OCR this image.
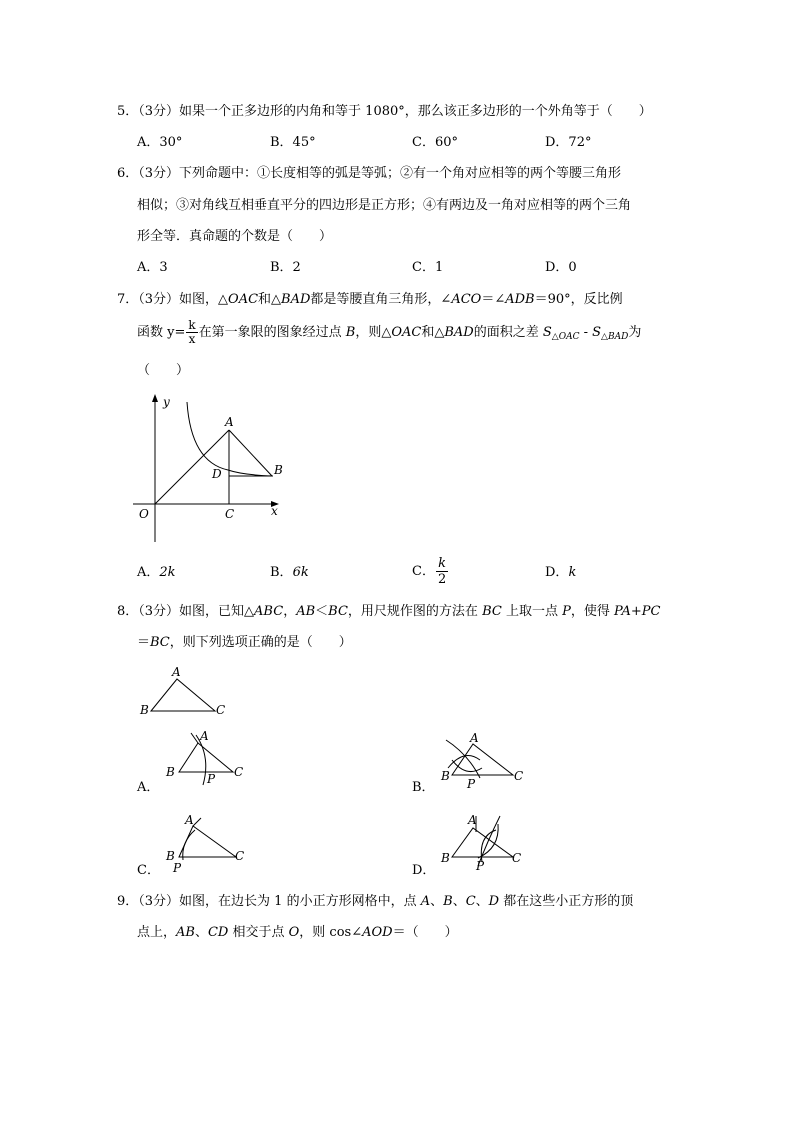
5．（3分）如果一个正多边形的内角和等于 1080°，那么该正多边形的一个外角等于（　　）
A．30°	B．45°	C．60°	D．72°
6．（3分）下列命题中：①长度相等的弧是等弧；②有一个角对应相等的两个等腰三角形
相似；③对角线互相垂直平分的四边形是正方形；④有两边及一角对应相等的两个三角
形全等．真命题的个数是（　　）
A．3	B．2	C．1	D．0
7．（3分）如图，△OAC和△BAD都是等腰直角三角形，∠ACO＝∠ADB＝90°，反比例
函数 $y= \frac{k}{x}$ 在第一象限的图象经过点 B，则△OAC和△BAD的面积之差 $S_{\triangle OAC} - S_{\triangle BAD}$为
（　　）
y
x
O
A
B
C
D
A．2k	B．6k	C． $\frac{k}{2}$	D．k
8．（3分）如图，已知△ABC，AB＜BC，用尺规作图的方法在 BC 上取一点 P，使得 PA+PC
＝BC，则下列选项正确的是（　　）
A
B	C
A
B	C
P
A．
A
B	C
P
B．
A
B	C
P
C．
A
B	C
P
D．
9．（3分）如图，在边长为 1 的小正方形网格中，点 A、B、C、D 都在这些小正方形的顶
点上，AB、CD 相交于点 O，则 cos∠AOD＝（　　）
